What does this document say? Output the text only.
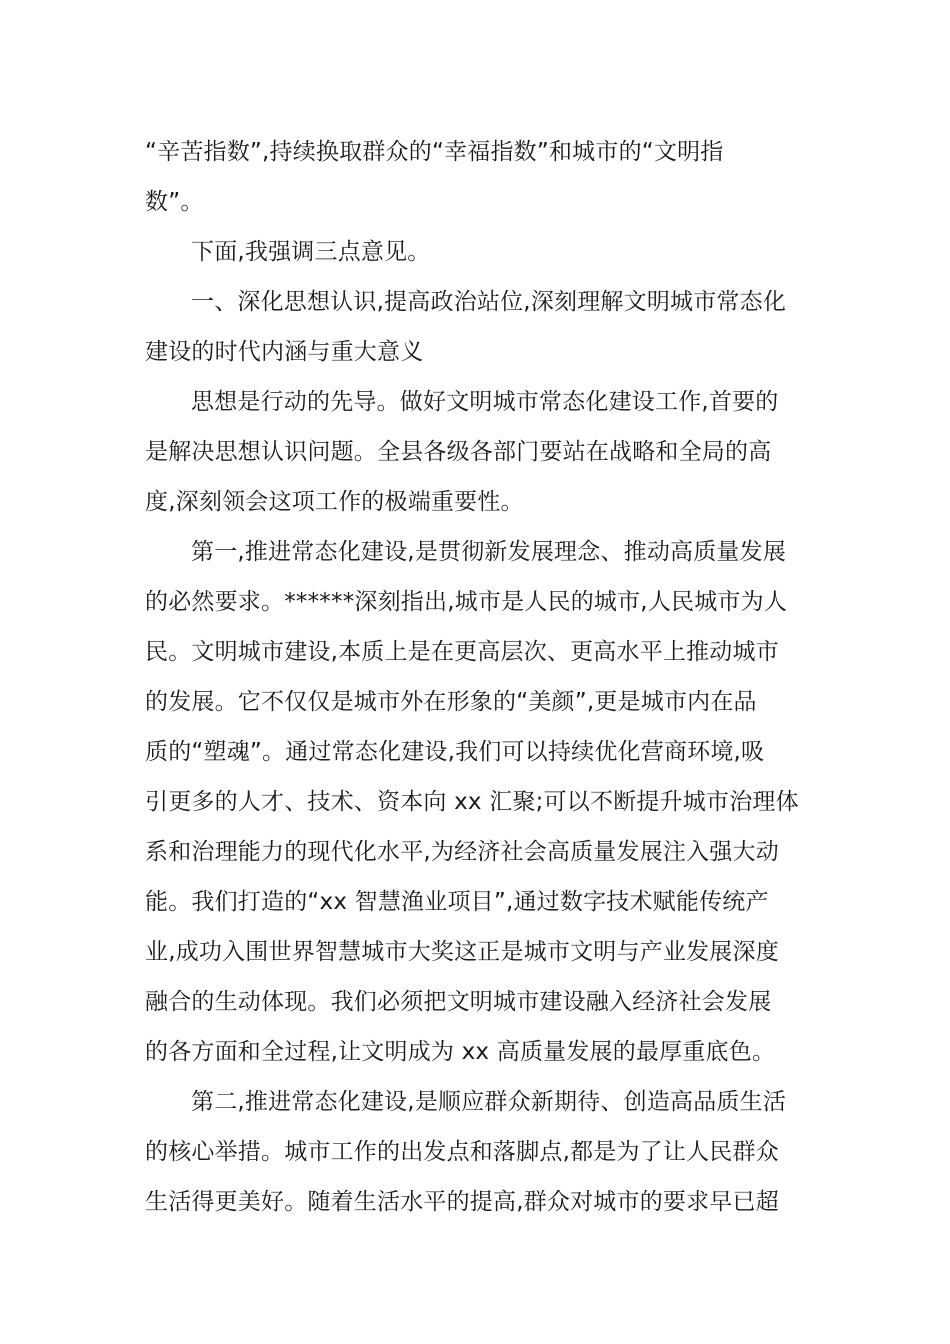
“辛苦指数”,持续换取群众的“幸福指数”和城市的“文明指
数”。
下面,我强调三点意见。
一、深化思想认识,提高政治站位,深刻理解文明城市常态化
建设的时代内涵与重大意义
思想是行动的先导。做好文明城市常态化建设工作,首要的
是解决思想认识问题。全县各级各部门要站在战略和全局的高
度,深刻领会这项工作的极端重要性。
第一,推进常态化建设,是贯彻新发展理念、推动高质量发展
的必然要求。******深刻指出,城市是人民的城市,人民城市为人
民。文明城市建设,本质上是在更高层次、更高水平上推动城市
的发展。它不仅仅是城市外在形象的“美颜”,更是城市内在品
质的“塑魂”。通过常态化建设,我们可以持续优化营商环境,吸
引更多的人才、技术、资本向 xx 汇聚;可以不断提升城市治理体
系和治理能力的现代化水平,为经济社会高质量发展注入强大动
能。我们打造的“xx 智慧渔业项目”,通过数字技术赋能传统产
业,成功入围世界智慧城市大奖这正是城市文明与产业发展深度
融合的生动体现。我们必须把文明城市建设融入经济社会发展
的各方面和全过程,让文明成为 xx 高质量发展的最厚重底色。
第二,推进常态化建设,是顺应群众新期待、创造高品质生活
的核心举措。城市工作的出发点和落脚点,都是为了让人民群众
生活得更美好。随着生活水平的提高,群众对城市的要求早已超
